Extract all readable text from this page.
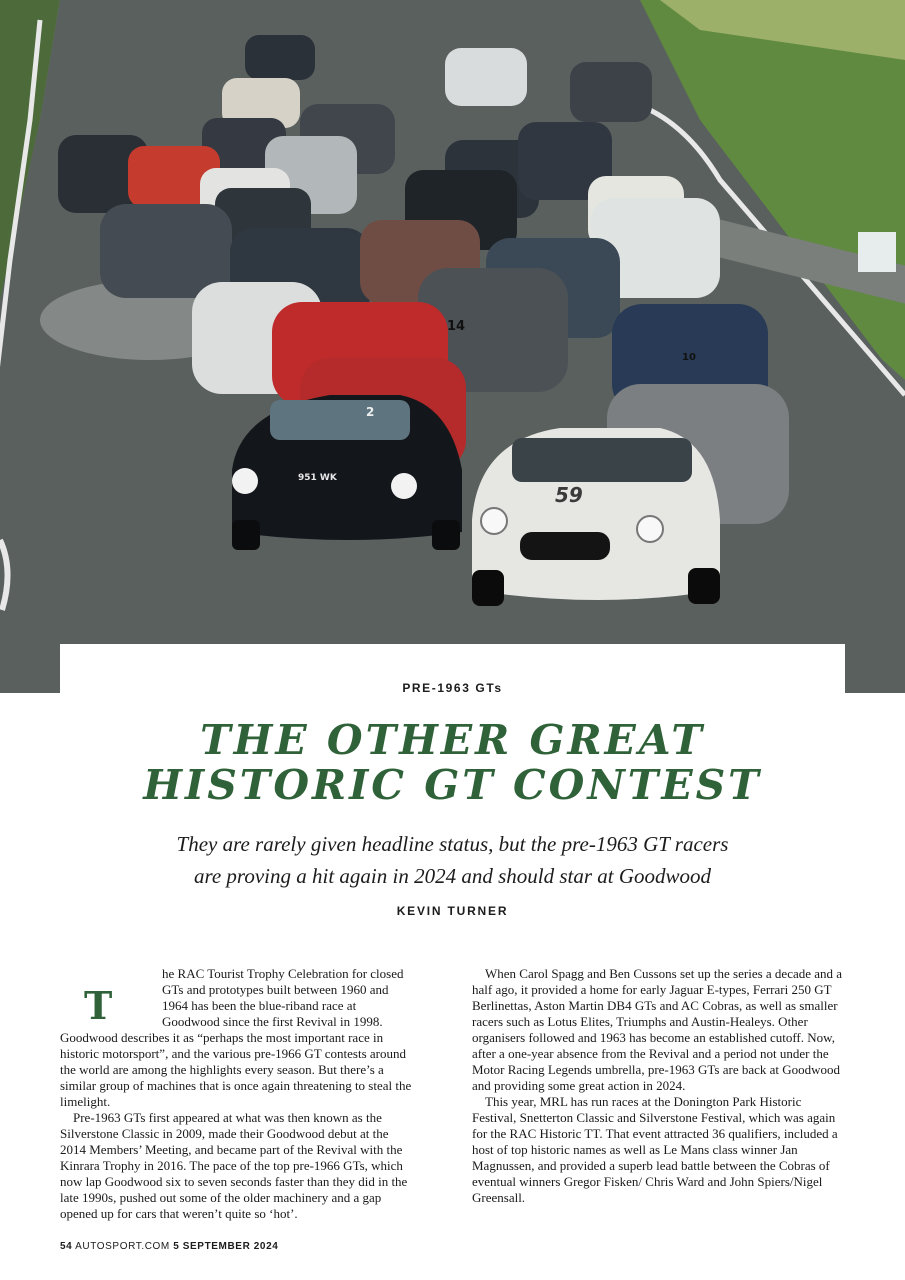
59
14
10
2
951 WK
PRE-1963 GTs
THE OTHER GREAT
HISTORIC GT CONTEST
They are rarely given headline status, but the pre-1963 GT racers
are proving a hit again in 2024 and should star at Goodwood
KEVIN TURNER
T

he RAC Tourist Trophy Celebration for closed GTs and prototypes built between 1960 and 1964 has been the blue-riband race at Goodwood since the first Revival in 1998. Goodwood describes it as “perhaps the most important race in historic motorsport”, and the various pre-1966 GT contests around the world are among the highlights every season. But there’s a similar group of machines that is once again threatening to steal the limelight.

Pre-1963 GTs first appeared at what was then known as the Silverstone Classic in 2009, made their Goodwood debut at the 2014 Members’ Meeting, and became part of the Revival with the Kinrara Trophy in 2016. The pace of the top pre-1966 GTs, which now lap Goodwood six to seven seconds faster than they did in the late 1990s, pushed out some of the older machinery and a gap opened up for cars that weren’t quite so ‘hot’.

When Carol Spagg and Ben Cussons set up the series a decade and a half ago, it provided a home for early Jaguar E-types, Ferrari 250 GT Berlinettas, Aston Martin DB4 GTs and AC Cobras, as well as smaller racers such as Lotus Elites, Triumphs and Austin-Healeys. Other organisers followed and 1963 has become an established cutoff. Now, after a one-year absence from the Revival and a period not under the Motor Racing Legends umbrella, pre-1963 GTs are back at Goodwood and providing some great action in 2024.

This year, MRL has run races at the Donington Park Historic Festival, Snetterton Classic and Silverstone Festival, which was again for the RAC Historic TT. That event attracted 36 qualifiers, included a host of top historic names as well as Le Mans class winner Jan Magnussen, and provided a superb lead battle between the Cobras of eventual winners Gregor Fisken/ Chris Ward and John Spiers/Nigel Greensall.

54 AUTOSPORT.COM 5 SEPTEMBER 2024
